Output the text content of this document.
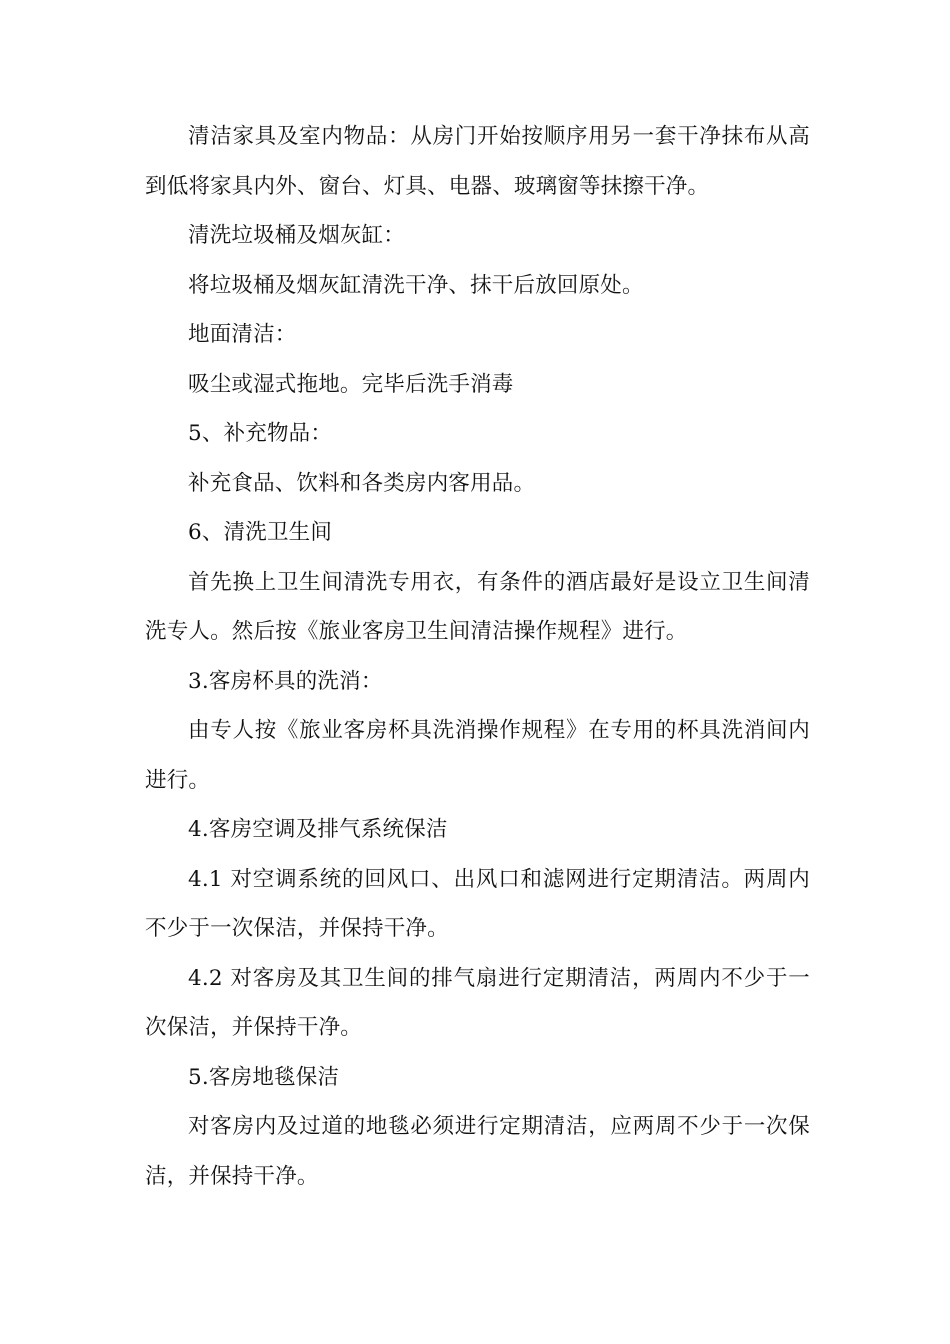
清洁家具及室内物品：从房门开始按顺序用另一套干净抹布从高到低将家具内外、窗台、灯具、电器、玻璃窗等抹擦干净。

清洗垃圾桶及烟灰缸：

将垃圾桶及烟灰缸清洗干净、抹干后放回原处。

地面清洁：

吸尘或湿式拖地。完毕后洗手消毒

5、补充物品：

补充食品、饮料和各类房内客用品。

6、清洗卫生间

首先换上卫生间清洗专用衣，有条件的酒店最好是设立卫生间清洗专人。然后按《旅业客房卫生间清洁操作规程》进行。

3.客房杯具的洗消：

由专人按《旅业客房杯具洗消操作规程》在专用的杯具洗消间内进行。

4.客房空调及排气系统保洁

4.1 对空调系统的回风口、出风口和滤网进行定期清洁。两周内不少于一次保洁，并保持干净。

4.2 对客房及其卫生间的排气扇进行定期清洁，两周内不少于一次保洁，并保持干净。

5.客房地毯保洁

对客房内及过道的地毯必须进行定期清洁，应两周不少于一次保洁，并保持干净。
